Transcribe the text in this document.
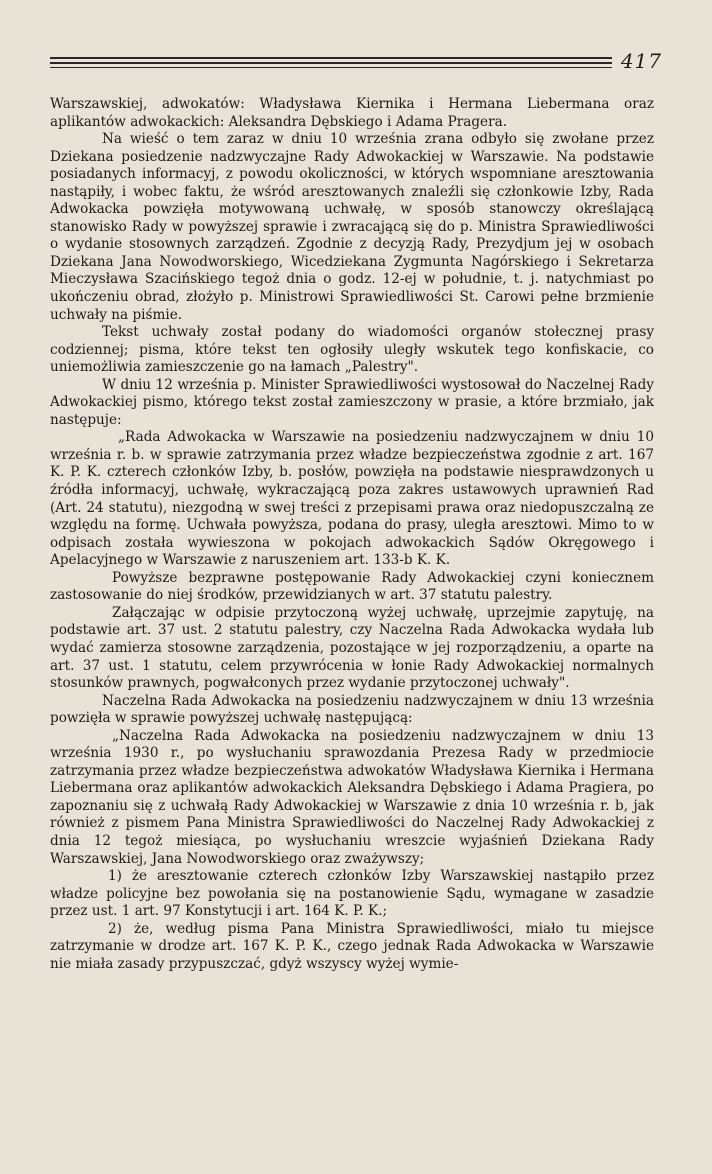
417

Warszawskiej, adwokatów: Władysława Kiernika i Hermana Liebermana oraz aplikantów adwokackich: Aleksandra Dębskiego i Adama Pragera.

Na wieść o tem zaraz w dniu 10 września zrana odbyło się zwołane przez Dziekana posiedzenie nadzwyczajne Rady Adwokackiej w Warszawie. Na podstawie posiadanych informacyj, z powodu okoliczności, w których wspomniane aresztowania nastąpiły, i wobec faktu, że wśród aresztowanych znaleźli się członkowie Izby, Rada Adwokacka powzięła motywowaną uchwałę, w sposób stanowczy określającą stanowisko Rady w powyższej sprawie i zwracającą się do p. Ministra Sprawiedliwości o wydanie stosownych zarządzeń. Zgodnie z decyzją Rady, Prezydjum jej w osobach Dziekana Jana Nowodworskiego, Wicedziekana Zygmunta Nagórskiego i Sekretarza Mieczysława Szacińskiego tegoż dnia o godz. 12-ej w południe, t. j. natychmiast po ukończeniu obrad, złożyło p. Ministrowi Sprawiedliwości St. Carowi pełne brzmienie uchwały na piśmie.

Tekst uchwały został podany do wiadomości organów stołecznej prasy codziennej; pisma, które tekst ten ogłosiły uległy wskutek tego konfiskacie, co uniemożliwia zamieszczenie go na łamach „Palestry".

W dniu 12 września p. Minister Sprawiedliwości wystosował do Naczelnej Rady Adwokackiej pismo, którego tekst został zamieszczony w prasie, a które brzmiało, jak następuje:

„Rada Adwokacka w Warszawie na posiedzeniu nadzwyczajnem w dniu 10 września r. b. w sprawie zatrzymania przez władze bezpieczeństwa zgodnie z art. 167 K. P. K. czterech członków Izby, b. posłów, powzięła na podstawie niesprawdzonych u źródła informacyj, uchwałę, wykraczającą poza zakres ustawowych uprawnień Rad (Art. 24 statutu), niezgodną w swej treści z przepisami prawa oraz niedopuszczalną ze względu na formę. Uchwała powyższa, podana do prasy, uległa aresztowi. Mimo to w odpisach została wywieszona w pokojach adwokackich Sądów Okręgowego i Apelacyjnego w Warszawie z naruszeniem art. 133-b K. K.

Powyższe bezprawne postępowanie Rady Adwokackiej czyni koniecznem zastosowanie do niej środków, przewidzianych w art. 37 statutu palestry.

Załączając w odpisie przytoczoną wyżej uchwałę, uprzejmie zapytuję, na podstawie art. 37 ust. 2 statutu palestry, czy Naczelna Rada Adwokacka wydała lub wydać zamierza stosowne zarządzenia, pozostające w jej rozporządzeniu, a oparte na art. 37 ust. 1 statutu, celem przywrócenia w łonie Rady Adwokackiej normalnych stosunków prawnych, pogwałconych przez wydanie przytoczonej uchwały".

Naczelna Rada Adwokacka na posiedzeniu nadzwyczajnem w dniu 13 września powzięła w sprawie powyższej uchwałę następującą:

„Naczelna Rada Adwokacka na posiedzeniu nadzwyczajnem w dniu 13 września 1930 r., po wysłuchaniu sprawozdania Prezesa Rady w przedmiocie zatrzymania przez władze bezpieczeństwa adwokatów Władysława Kiernika i Hermana Liebermana oraz aplikantów adwokackich Aleksandra Dębskiego i Adama Pragiera, po zapoznaniu się z uchwałą Rady Adwokackiej w Warszawie z dnia 10 września r. b, jak również z pismem Pana Ministra Sprawiedliwości do Naczelnej Rady Adwokackiej z dnia 12 tegoż miesiąca, po wysłuchaniu wreszcie wyjaśnień Dziekana Rady Warszawskiej, Jana Nowodworskiego oraz zważywszy;

1) że aresztowanie czterech członków Izby Warszawskiej nastąpiło przez władze policyjne bez powołania się na postanowienie Sądu, wymagane w zasadzie przez ust. 1 art. 97 Konstytucji i art. 164 K. P. K.;

2) że, według pisma Pana Ministra Sprawiedliwości, miało tu miejsce zatrzymanie w drodze art. 167 K. P. K., czego jednak Rada Adwokacka w Warszawie nie miała zasady przypuszczać, gdyż wszyscy wyżej wymie-
